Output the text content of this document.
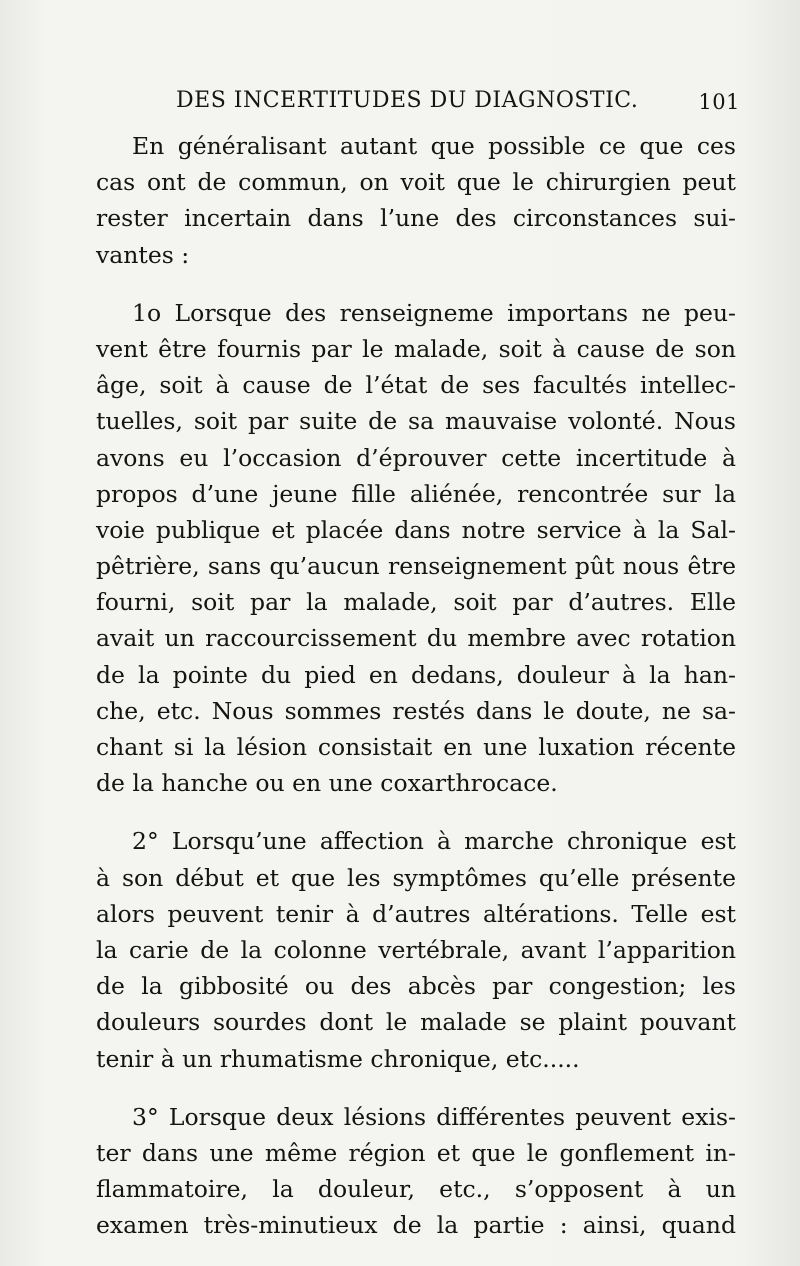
DES INCERTITUDES DU DIAGNOSTIC.	101
En généralisant autant que possible ce que ces
cas ont de commun, on voit que le chirurgien peut
rester incertain dans l’une des circonstances sui-
vantes :
1o Lorsque des renseigneme importans ne peu-
vent être fournis par le malade, soit à cause de son
âge, soit à cause de l’état de ses facultés intellec-
tuelles, soit par suite de sa mauvaise volonté. Nous
avons eu l’occasion d’éprouver cette incertitude à
propos d’une jeune fille aliénée, rencontrée sur la
voie publique et placée dans notre service à la Sal-
pêtrière, sans qu’aucun renseignement pût nous être
fourni, soit par la malade, soit par d’autres. Elle
avait un raccourcissement du membre avec rotation
de la pointe du pied en dedans, douleur à la han-
che, etc. Nous sommes restés dans le doute, ne sa-
chant si la lésion consistait en une luxation récente
de la hanche ou en une coxarthrocace.
2° Lorsqu’une affection à marche chronique est
à son début et que les symptômes qu’elle présente
alors peuvent tenir à d’autres altérations. Telle est
la carie de la colonne vertébrale, avant l’apparition
de la gibbosité ou des abcès par congestion; les
douleurs sourdes dont le malade se plaint pouvant
tenir à un rhumatisme chronique, etc.....
3° Lorsque deux lésions différentes peuvent exis-
ter dans une même région et que le gonflement in-
flammatoire, la douleur, etc., s’opposent à un
examen très-minutieux de la partie : ainsi, quand
